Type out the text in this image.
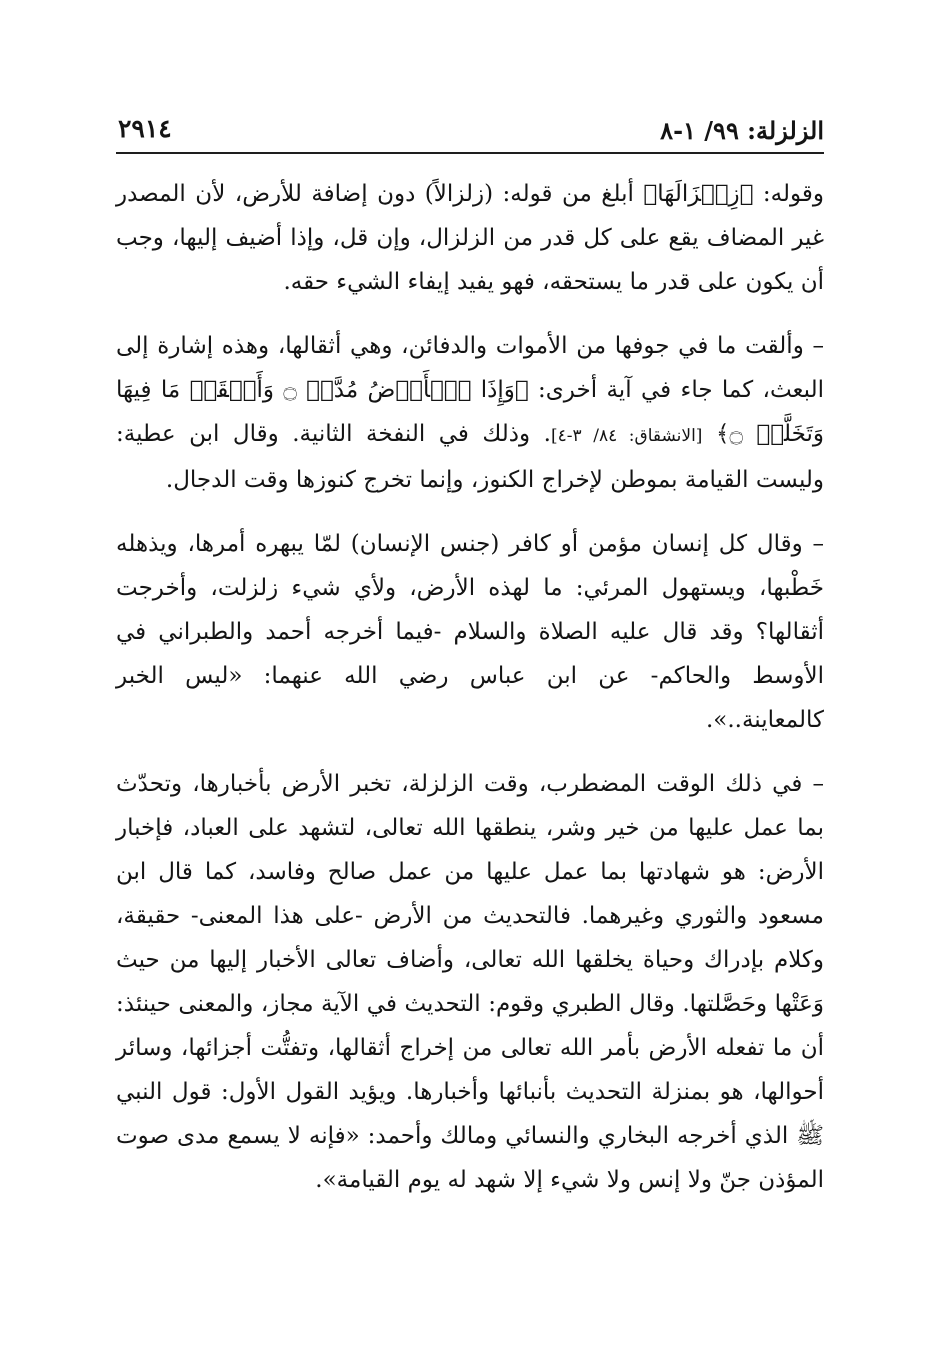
الزلزلة: ٩٩/ ١-٨
٢٩١٤

وقوله: ﴿زِلۡزَالَهَا﴾ أبلغ من قوله: (زلزالاً) دون إضافة للأرض، لأن المصدر غير المضاف يقع على كل قدر من الزلزال، وإن قل، وإذا أضيف إليها، وجب أن يكون على قدر ما يستحقه، فهو يفيد إيفاء الشيء حقه.

– وألقت ما في جوفها من الأموات والدفائن، وهي أثقالها، وهذه إشارة إلى البعث، كما جاء في آية أخرى: ﴿وَإِذَا ٱلۡأَرۡضُ مُدَّتۡ ۝ وَأَلۡقَتۡ مَا فِيهَا وَتَخَلَّتۡ ۝﴾ [الانشقاق: ٨٤/ ٣-٤]. وذلك في النفخة الثانية. وقال ابن عطية: وليست القيامة بموطن لإخراج الكنوز، وإنما تخرج كنوزها وقت الدجال.

– وقال كل إنسان مؤمن أو كافر (جنس الإنسان) لمّا يبهره أمرها، ويذهله خَطْبها، ويستهول المرئي: ما لهذه الأرض، ولأي شيء زلزلت، وأخرجت أثقالها؟ وقد قال عليه الصلاة والسلام -فيما أخرجه أحمد والطبراني في الأوسط والحاكم- عن ابن عباس رضي الله عنهما: «ليس الخبر كالمعاينة..».

– في ذلك الوقت المضطرب، وقت الزلزلة، تخبر الأرض بأخبارها، وتحدّث بما عمل عليها من خير وشر، ينطقها الله تعالى، لتشهد على العباد، فإخبار الأرض: هو شهادتها بما عمل عليها من عمل صالح وفاسد، كما قال ابن مسعود والثوري وغيرهما. فالتحديث من الأرض -على هذا المعنى- حقيقة، وكلام بإدراك وحياة يخلقها الله تعالى، وأضاف تعالى الأخبار إليها من حيث وَعَتْها وحَصَّلتها. وقال الطبري وقوم: التحديث في الآية مجاز، والمعنى حينئذ: أن ما تفعله الأرض بأمر الله تعالى من إخراج أثقالها، وتفتُّت أجزائها، وسائر أحوالها، هو بمنزلة التحديث بأنبائها وأخبارها. ويؤيد القول الأول: قول النبي ﷺ الذي أخرجه البخاري والنسائي ومالك وأحمد: «فإنه لا يسمع مدى صوت المؤذن جنّ ولا إنس ولا شيء إلا شهد له يوم القيامة».
